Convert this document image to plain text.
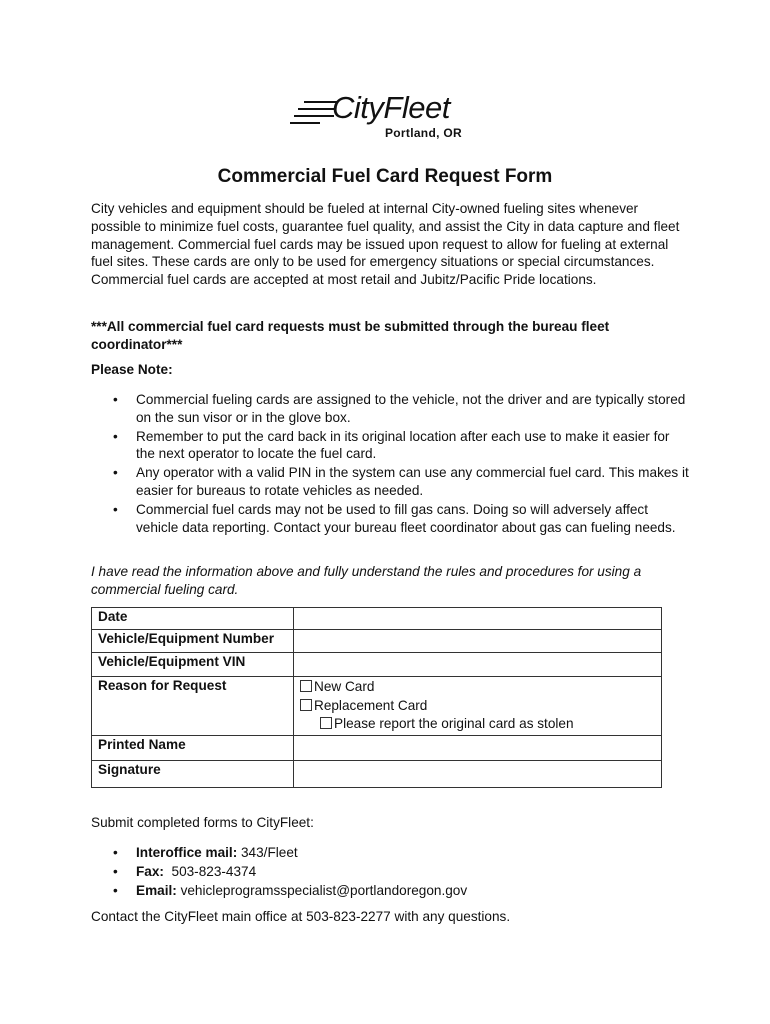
CityFleet
Portland, OR
Commercial Fuel Card Request Form

City vehicles and equipment should be fueled at internal City-owned fueling sites whenever possible to minimize fuel costs, guarantee fuel quality, and assist the City in data capture and fleet management. Commercial fuel cards may be issued upon request to allow for fueling at external fuel sites. These cards are only to be used for emergency situations or special circumstances. Commercial fuel cards are accepted at most retail and Jubitz/Pacific Pride locations.

***All commercial fuel card requests must be submitted through the bureau fleet coordinator***

Please Note:

• Commercial fueling cards are assigned to the vehicle, not the driver and are typically stored on the sun visor or in the glove box.
• Remember to put the card back in its original location after each use to make it easier for the next operator to locate the fuel card.
• Any operator with a valid PIN in the system can use any commercial fuel card. This makes it easier for bureaus to rotate vehicles as needed.
• Commercial fuel cards may not be used to fill gas cans. Doing so will adversely affect vehicle data reporting. Contact your bureau fleet coordinator about gas can fueling needs.

I have read the information above and fully understand the rules and procedures for using a commercial fueling card.

Date	
Vehicle/Equipment Number	
Vehicle/Equipment VIN	
Reason for Request	New Card
Replacement Card
Please report the original card as stolen

Printed Name	
Signature	

Submit completed forms to CityFleet:

• Interoffice mail: 343/Fleet
• Fax:  503-823-4374
• Email: vehicleprogramsspecialist@portlandoregon.gov

Contact the CityFleet main office at 503-823-2277 with any questions.
